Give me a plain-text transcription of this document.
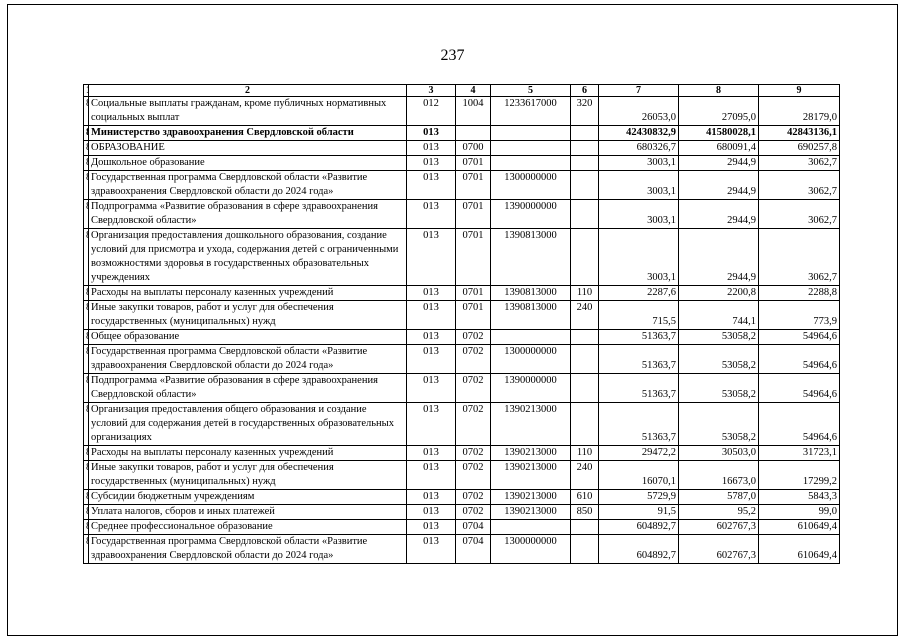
237
	2	3	4	5	6	7	8	9
	Социальные выплаты гражданам, кроме публичных нормативных социальных выплат	012	1004	1233617000	320	26053,0	27095,0	28179,0
	Министерство здравоохранения Свердловской области	013				42430832,9	41580028,1	42843136,1
	ОБРАЗОВАНИЕ	013	0700			680326,7	680091,4	690257,8
	Дошкольное образование	013	0701			3003,1	2944,9	3062,7
	Государственная программа Свердловской области «Развитие здравоохранения Свердловской области до 2024 года»	013	0701	1300000000		3003,1	2944,9	3062,7
	Подпрограмма «Развитие образования в сфере здравоохранения Свердловской области»	013	0701	1390000000		3003,1	2944,9	3062,7
	Организация предоставления дошкольного образования, создание условий для присмотра и ухода, содержания детей с ограниченными возможностями здоровья в государственных образовательных учреждениях	013	0701	1390813000		3003,1	2944,9	3062,7
	Расходы на выплаты персоналу казенных учреждений	013	0701	1390813000	110	2287,6	2200,8	2288,8
	Иные закупки товаров, работ и услуг для обеспечения государственных (муниципальных) нужд	013	0701	1390813000	240	715,5	744,1	773,9
	Общее образование	013	0702			51363,7	53058,2	54964,6
	Государственная программа Свердловской области «Развитие здравоохранения Свердловской области до 2024 года»	013	0702	1300000000		51363,7	53058,2	54964,6
	Подпрограмма «Развитие образования в сфере здравоохранения Свердловской области»	013	0702	1390000000		51363,7	53058,2	54964,6
	Организация предоставления общего образования и создание условий для содержания детей в государственных образовательных организациях	013	0702	1390213000		51363,7	53058,2	54964,6
	Расходы на выплаты персоналу казенных учреждений	013	0702	1390213000	110	29472,2	30503,0	31723,1
	Иные закупки товаров, работ и услуг для обеспечения государственных (муниципальных) нужд	013	0702	1390213000	240	16070,1	16673,0	17299,2
	Субсидии бюджетным учреждениям	013	0702	1390213000	610	5729,9	5787,0	5843,3
	Уплата налогов, сборов и иных платежей	013	0702	1390213000	850	91,5	95,2	99,0
	Среднее профессиональное образование	013	0704			604892,7	602767,3	610649,4
	Государственная программа Свердловской области «Развитие здравоохранения Свердловской области до 2024 года»	013	0704	1300000000		604892,7	602767,3	610649,4
